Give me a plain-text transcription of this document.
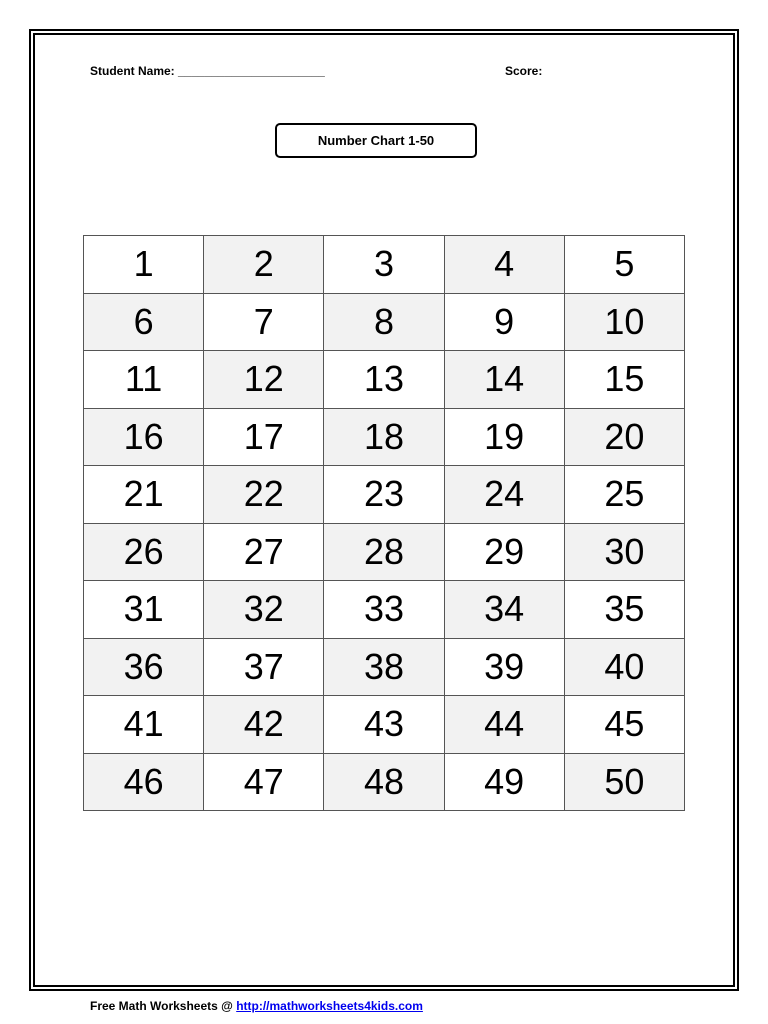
Student Name: ______________________	Score:
Number Chart 1-50
1	2	3	4	5
6	7	8	9	10
11	12	13	14	15
16	17	18	19	20
21	22	23	24	25
26	27	28	29	30
31	32	33	34	35
36	37	38	39	40
41	42	43	44	45
46	47	48	49	50
Free Math Worksheets @ http://mathworksheets4kids.com
